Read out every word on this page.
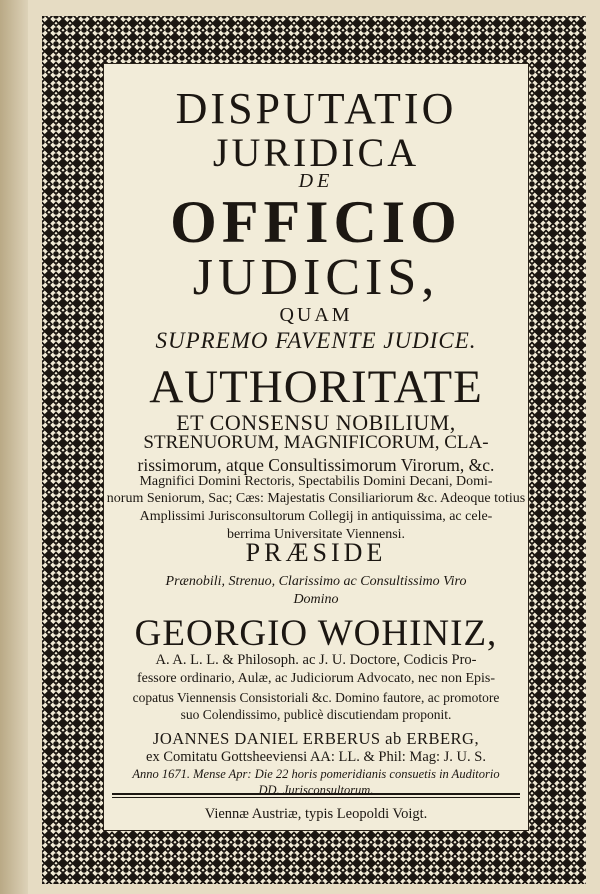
DISPUTATIO
JURIDICA
DE
OFFICIO
JUDICIS,
QUAM
SUPREMO FAVENTE JUDICE.
AUTHORITATE
ET CONSENSU NOBILIUM,
STRENUORUM, MAGNIFICORUM, CLA-
rissimorum, atque Consultissimorum Virorum, &c.
Magnifici Domini Rectoris, Spectabilis Domini Decani, Domi-
norum Seniorum, Sac; Cæs: Majestatis Consiliariorum &c. Adeoque totius
Amplissimi Jurisconsultorum Collegij in antiquissima, ac cele-
berrima Universitate Viennensi.
PRÆSIDE
Prænobili, Strenuo, Clarissimo ac Consultissimo Viro
Domino
GEORGIO WOHINIZ,
A. A. L. L. & Philosoph. ac J. U. Doctore, Codicis Pro-
fessore ordinario, Aulæ, ac Judiciorum Advocato, nec non Epis-
copatus Viennensis Consistoriali &c. Domino fautore, ac promotore
suo Colendissimo, publicè discutiendam proponit.
JOANNES DANIEL ERBERUS ab ERBERG,
ex Comitatu Gottsheeviensi AA: LL. & Phil: Mag: J. U. S.
Anno 1671. Mense Apr: Die 22 horis pomeridianis consuetis in Auditorio
DD. Jurisconsultorum.
Viennæ Austriæ, typis Leopoldi Voigt.
